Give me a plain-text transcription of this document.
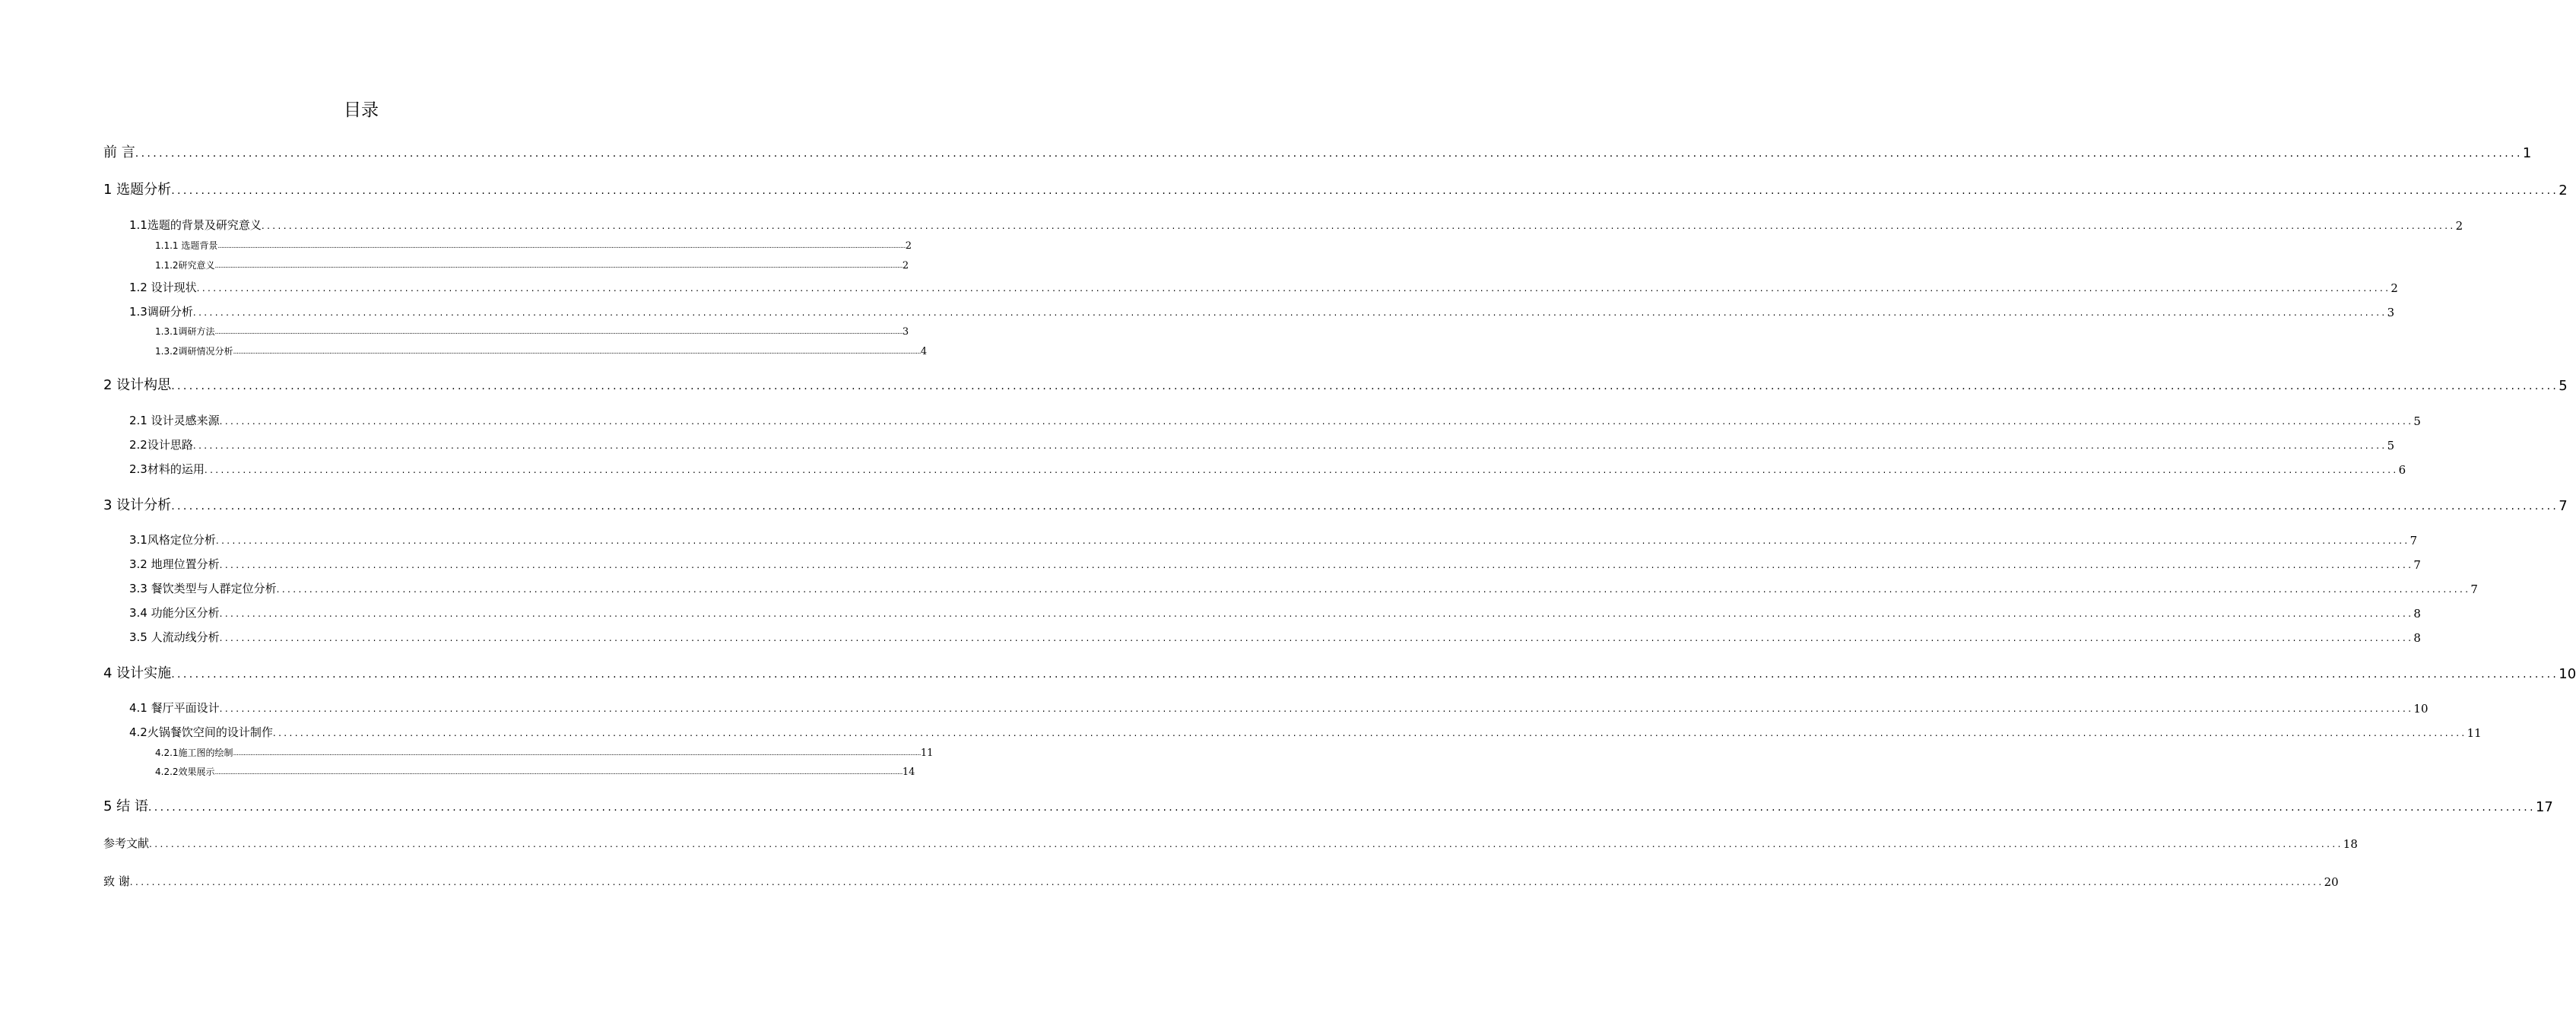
目录
前 言 ................................................................................................................................................................................................................................................................................................................................................................................................................ 1
1 选题分析 ................................................................................................................................................................................................................................................................................................................................................................................................................ 2
1.1选题的背景及研究意义 ................................................................................................................................................................................................................................................................................................................................................................................................................ 2
1.1.1 选题背景 ................................................................................................................................................................................................................................................................................................................................................................................................................ 2
1.1.2研究意义 ................................................................................................................................................................................................................................................................................................................................................................................................................ 2
1.2 设计现状 ................................................................................................................................................................................................................................................................................................................................................................................................................ 2
1.3调研分析 ................................................................................................................................................................................................................................................................................................................................................................................................................ 3
1.3.1调研方法 ................................................................................................................................................................................................................................................................................................................................................................................................................ 3
1.3.2调研情况分析 ................................................................................................................................................................................................................................................................................................................................................................................................................ 4
2 设计构思 ................................................................................................................................................................................................................................................................................................................................................................................................................ 5
2.1 设计灵感来源 ................................................................................................................................................................................................................................................................................................................................................................................................................ 5
2.2设计思路 ................................................................................................................................................................................................................................................................................................................................................................................................................ 5
2.3材料的运用 ................................................................................................................................................................................................................................................................................................................................................................................................................ 6
3 设计分析 ................................................................................................................................................................................................................................................................................................................................................................................................................ 7
3.1风格定位分析 ................................................................................................................................................................................................................................................................................................................................................................................................................ 7
3.2 地理位置分析 ................................................................................................................................................................................................................................................................................................................................................................................................................ 7
3.3 餐饮类型与人群定位分析 ................................................................................................................................................................................................................................................................................................................................................................................................................ 7
3.4 功能分区分析 ................................................................................................................................................................................................................................................................................................................................................................................................................ 8
3.5 人流动线分析 ................................................................................................................................................................................................................................................................................................................................................................................................................ 8
4 设计实施 ................................................................................................................................................................................................................................................................................................................................................................................................................ 10
4.1 餐厅平面设计 ................................................................................................................................................................................................................................................................................................................................................................................................................ 10
4.2火锅餐饮空间的设计制作 ................................................................................................................................................................................................................................................................................................................................................................................................................ 11
4.2.1施工图的绘制 ................................................................................................................................................................................................................................................................................................................................................................................................................ 11
4.2.2效果展示 ................................................................................................................................................................................................................................................................................................................................................................................................................ 14
5 结 语 ................................................................................................................................................................................................................................................................................................................................................................................................................ 17
参考文献 ................................................................................................................................................................................................................................................................................................................................................................................................................ 18
致 谢 ................................................................................................................................................................................................................................................................................................................................................................................................................ 20
